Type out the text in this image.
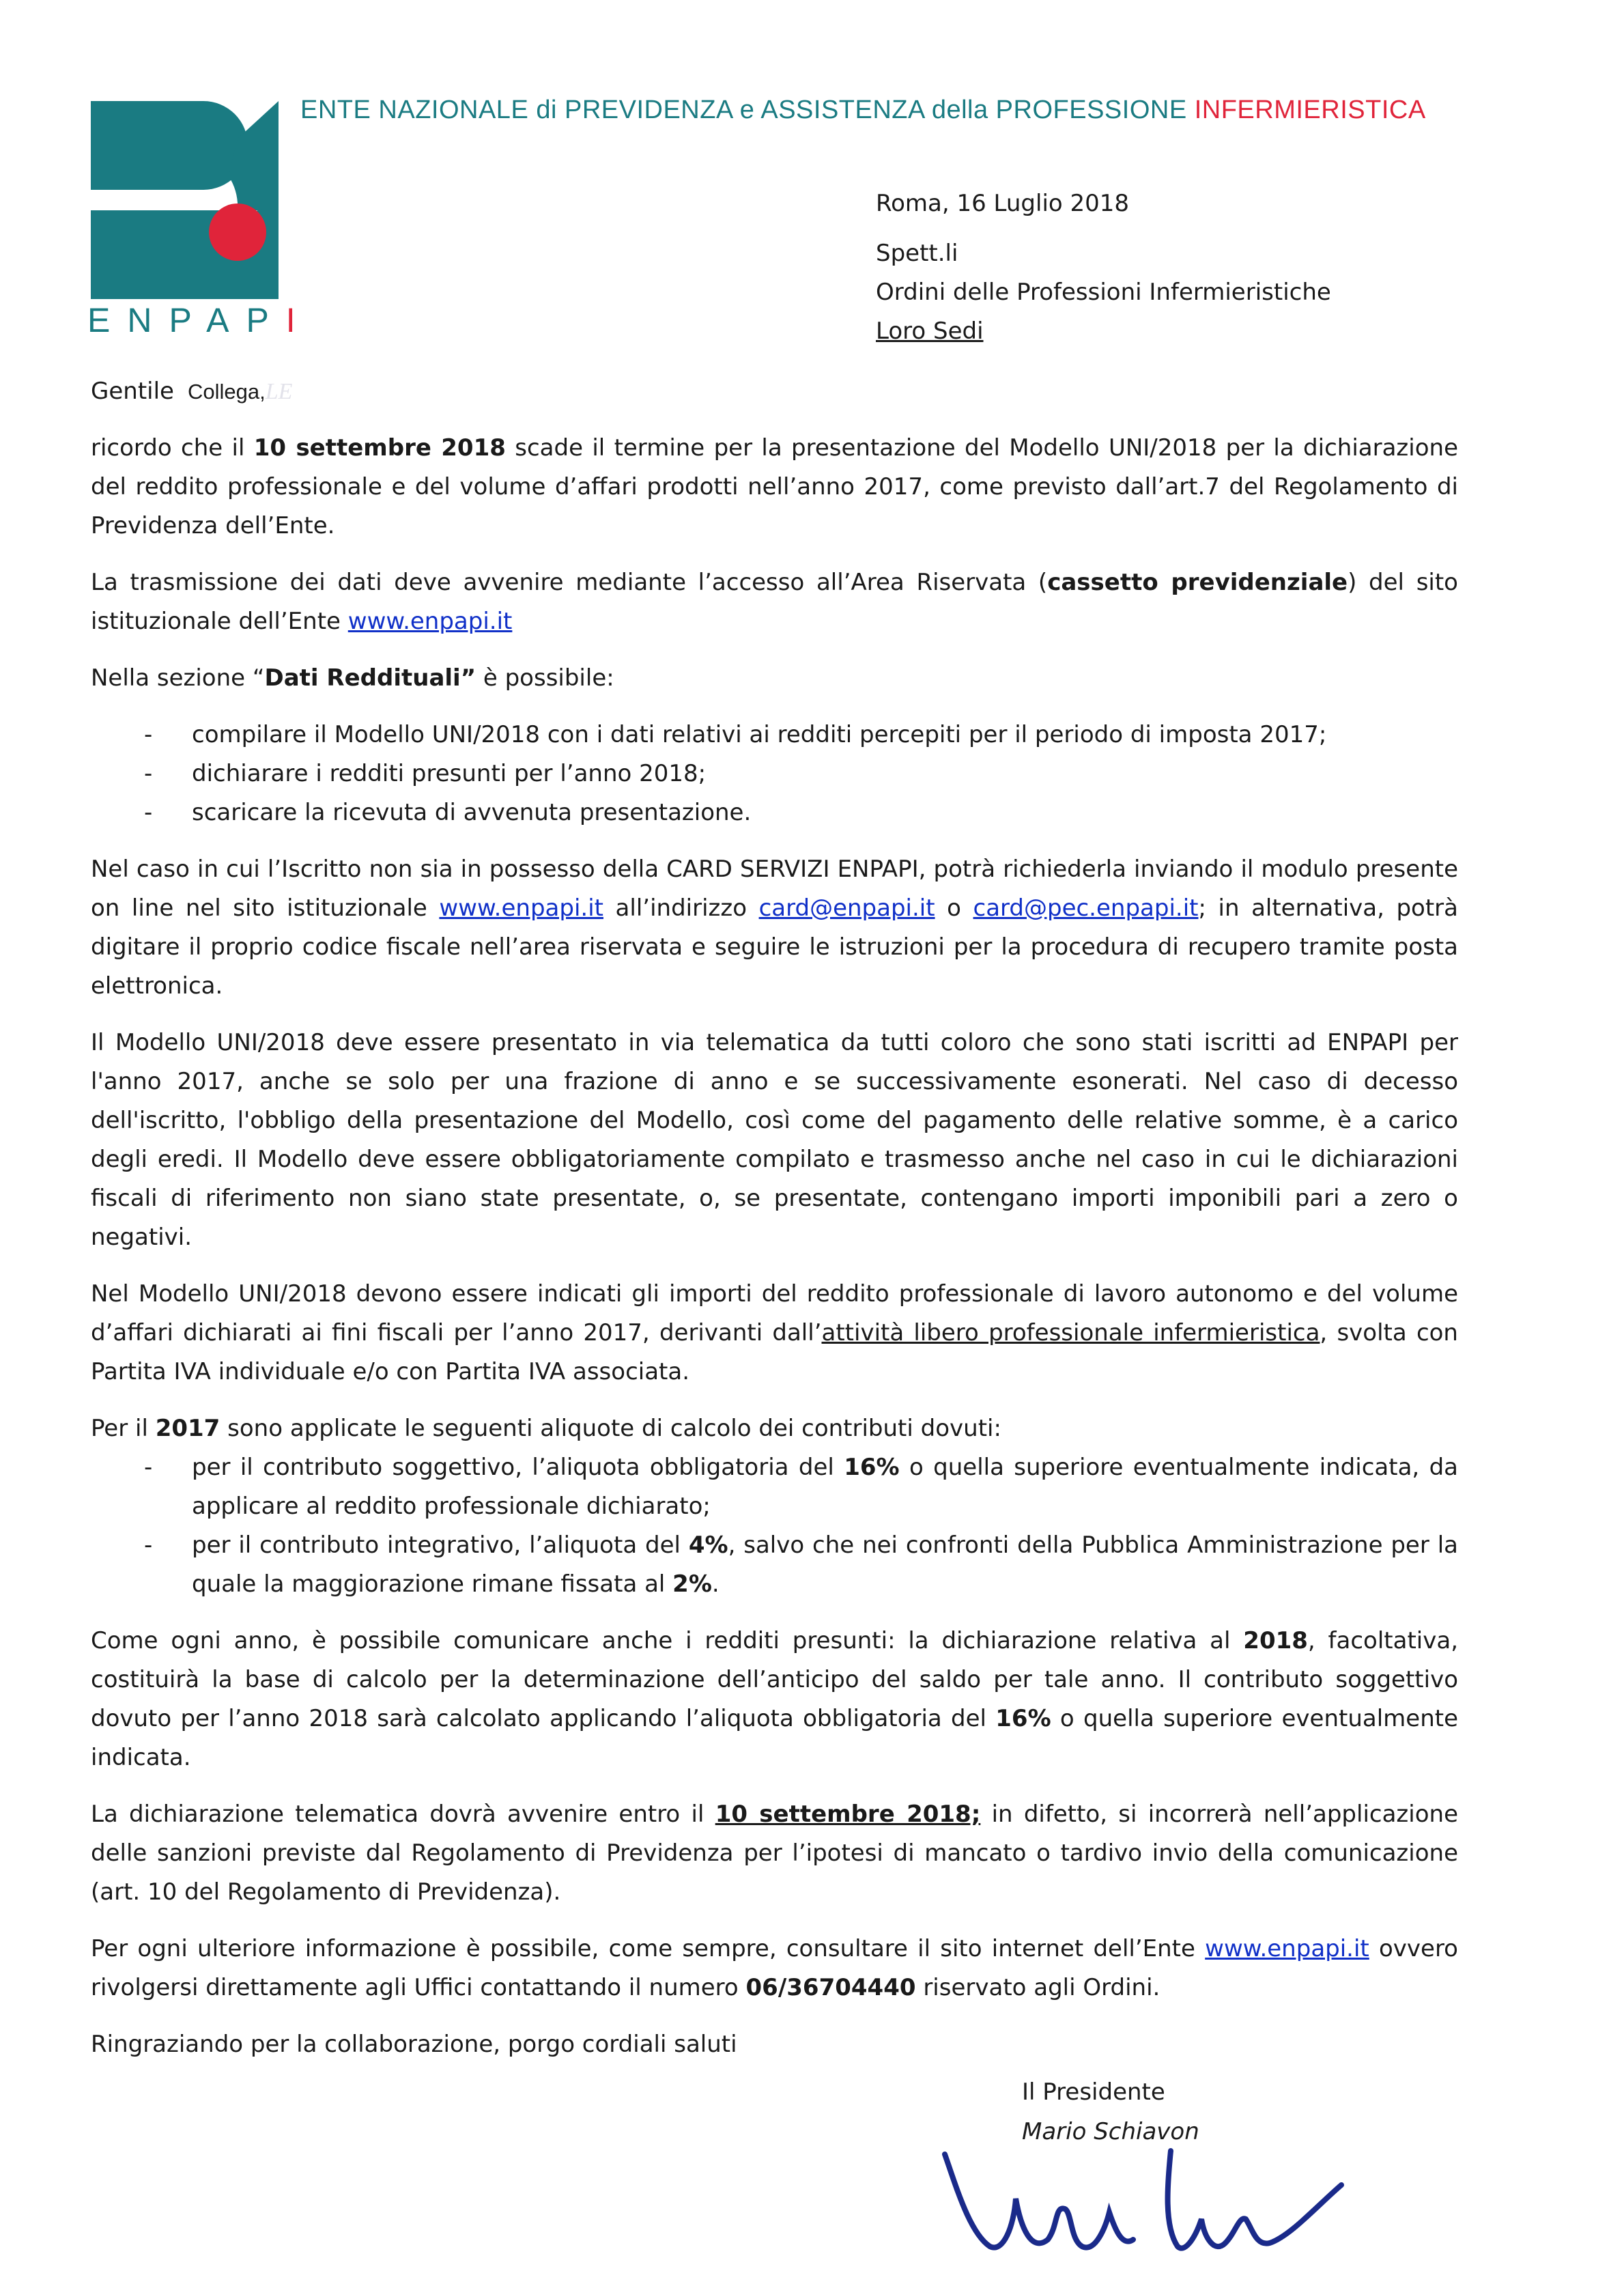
ENPAPI
ENTE NAZIONALE di PREVIDENZA e ASSISTENZA della PROFESSIONE INFERMIERISTICA
Roma, 16 Luglio 2018
Spett.li
Ordini delle Professioni Infermieristiche
Loro Sedi
Gentile Collega,LE

ricordo che il 10 settembre 2018 scade il termine per la presentazione del Modello UNI/2018 per la dichiarazione del reddito professionale e del volume d’affari prodotti nell’anno 2017, come previsto dall’art.7 del Regolamento di Previdenza dell’Ente.

La trasmissione dei dati deve avvenire mediante l’accesso all’Area Riservata (cassetto previdenziale) del sito istituzionale dell’Ente www.enpapi.it

Nella sezione “Dati Reddituali” è possibile:

- compilare il Modello UNI/2018 con i dati relativi ai redditi percepiti per il periodo di imposta 2017;
- dichiarare i redditi presunti per l’anno 2018;
- scaricare la ricevuta di avvenuta presentazione.

Nel caso in cui l’Iscritto non sia in possesso della CARD SERVIZI ENPAPI, potrà richiederla inviando il modulo presente on line nel sito istituzionale www.enpapi.it all’indirizzo card@enpapi.it o card@pec.enpapi.it; in alternativa, potrà digitare il proprio codice fiscale nell’area riservata e seguire le istruzioni per la procedura di recupero tramite posta elettronica.

Il Modello UNI/2018 deve essere presentato in via telematica da tutti coloro che sono stati iscritti ad ENPAPI per l'anno 2017, anche se solo per una frazione di anno e se successivamente esonerati. Nel caso di decesso dell'iscritto, l'obbligo della presentazione del Modello, così come del pagamento delle relative somme, è a carico degli eredi. Il Modello deve essere obbligatoriamente compilato e trasmesso anche nel caso in cui le dichiarazioni fiscali di riferimento non siano state presentate, o, se presentate, contengano importi imponibili pari a zero o negativi.

Nel Modello UNI/2018 devono essere indicati gli importi del reddito professionale di lavoro autonomo e del volume d’affari dichiarati ai fini fiscali per l’anno 2017, derivanti dall’attività libero professionale infermieristica, svolta con Partita IVA individuale e/o con Partita IVA associata.

Per il 2017 sono applicate le seguenti aliquote di calcolo dei contributi dovuti:

- per il contributo soggettivo, l’aliquota obbligatoria del 16% o quella superiore eventualmente indicata, da applicare al reddito professionale dichiarato;
- per il contributo integrativo, l’aliquota del 4%, salvo che nei confronti della Pubblica Amministrazione per la quale la maggiorazione rimane fissata al 2%.

Come ogni anno, è possibile comunicare anche i redditi presunti: la dichiarazione relativa al 2018, facoltativa, costituirà la base di calcolo per la determinazione dell’anticipo del saldo per tale anno. Il contributo soggettivo dovuto per l’anno 2018 sarà calcolato applicando l’aliquota obbligatoria del 16% o quella superiore eventualmente indicata.

La dichiarazione telematica dovrà avvenire entro il 10 settembre 2018; in difetto, si incorrerà nell’applicazione delle sanzioni previste dal Regolamento di Previdenza per l’ipotesi di mancato o tardivo invio della comunicazione (art. 10 del Regolamento di Previdenza).

Per ogni ulteriore informazione è possibile, come sempre, consultare il sito internet dell’Ente www.enpapi.it ovvero rivolgersi direttamente agli Uffici contattando il numero 06/36704440 riservato agli Ordini.

Ringraziando per la collaborazione, porgo cordiali saluti

Il Presidente
Mario Schiavon
